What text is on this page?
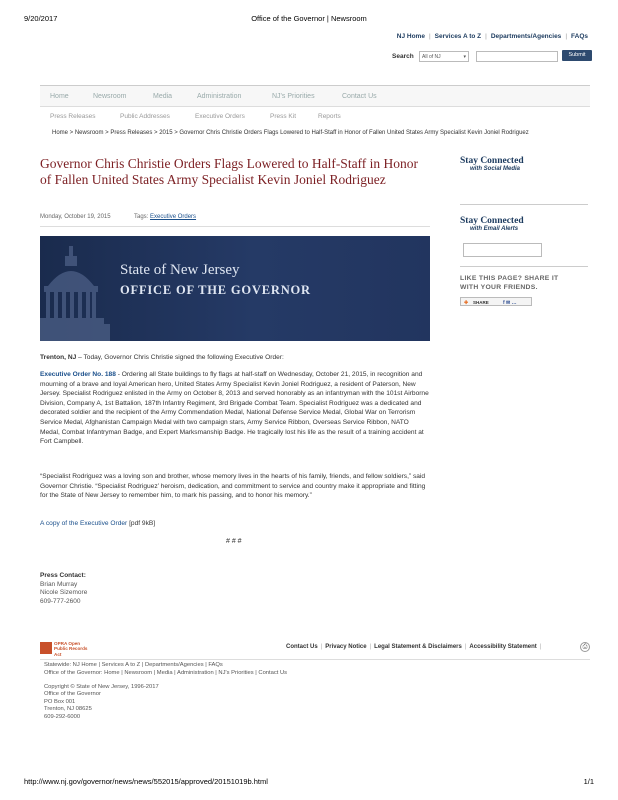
9/20/2017	Office of the Governor | Newsroom
NJ Home | Services A to Z | Departments/Agencies | FAQs
Search	All of NJ	▾	Submit
Home	Newsroom	Media	Administration	NJ's Priorities	Contact Us
Press Releases	Public Addresses	Executive Orders	Press Kit	Reports
Home > Newsroom > Press Releases > 2015 > Governor Chris Christie Orders Flags Lowered to Half-Staff in Honor of Fallen United States Army Specialist Kevin Joniel Rodriguez
Governor Chris Christie Orders Flags Lowered to Half-Staff in Honor of Fallen United States Army Specialist Kevin Joniel Rodriguez
Monday, October 19, 2015	Tags: Executive Orders
State of New Jersey
OFFICE OF THE GOVERNOR

Trenton, NJ – Today, Governor Chris Christie signed the following Executive Order:

Executive Order No. 188 - Ordering all State buildings to fly flags at half-staff on Wednesday, October 21, 2015, in recognition and mourning of a brave and loyal American hero, United States Army Specialist Kevin Joniel Rodriguez, a resident of Paterson, New Jersey. Specialist Rodriguez enlisted in the Army on October 8, 2013 and served honorably as an infantryman with the 101st Airborne Division, Company A, 1st Battalion, 187th Infantry Regiment, 3rd Brigade Combat Team. Specialist Rodriguez was a dedicated and decorated soldier and the recipient of the Army Commendation Medal, National Defense Service Medal, Global War on Terrorism Service Medal, Afghanistan Campaign Medal with two campaign stars, Army Service Ribbon, Overseas Service Ribbon, NATO Medal, Combat Infantryman Badge, and Expert Marksmanship Badge. He tragically lost his life as the result of a training accident at Fort Campbell.

“Specialist Rodriguez was a loving son and brother, whose memory lives in the hearts of his family, friends, and fellow soldiers,” said Governor Christie. “Specialist Rodriguez’ heroism, dedication, and commitment to service and country make it appropriate and fitting for the State of New Jersey to remember him, to mark his passing, and to honor his memory.”

A copy of the Executive Order [pdf 9kB]

# # #
Press Contact:
Brian Murray
Nicole Sizemore
609-777-2600
Stay Connected
with Social Media
Stay Connected
with Email Alerts
LIKE THIS PAGE? SHARE IT
WITH YOUR FRIENDS.
✚ SHARE	f ✉ …
OPRA Open Public Records Act
Contact Us | Privacy Notice | Legal Statement & Disclaimers | Accessibility Statement |	⎙
Statewide: NJ Home | Services A to Z | Departments/Agencies | FAQs
Office of the Governor: Home | Newsroom | Media | Administration | NJ's Priorities | Contact Us
Copyright © State of New Jersey, 1996-2017
Office of the Governor
PO Box 001
Trenton, NJ 08625
609-292-6000
http://www.nj.gov/governor/news/news/552015/approved/20151019b.html	1/1
